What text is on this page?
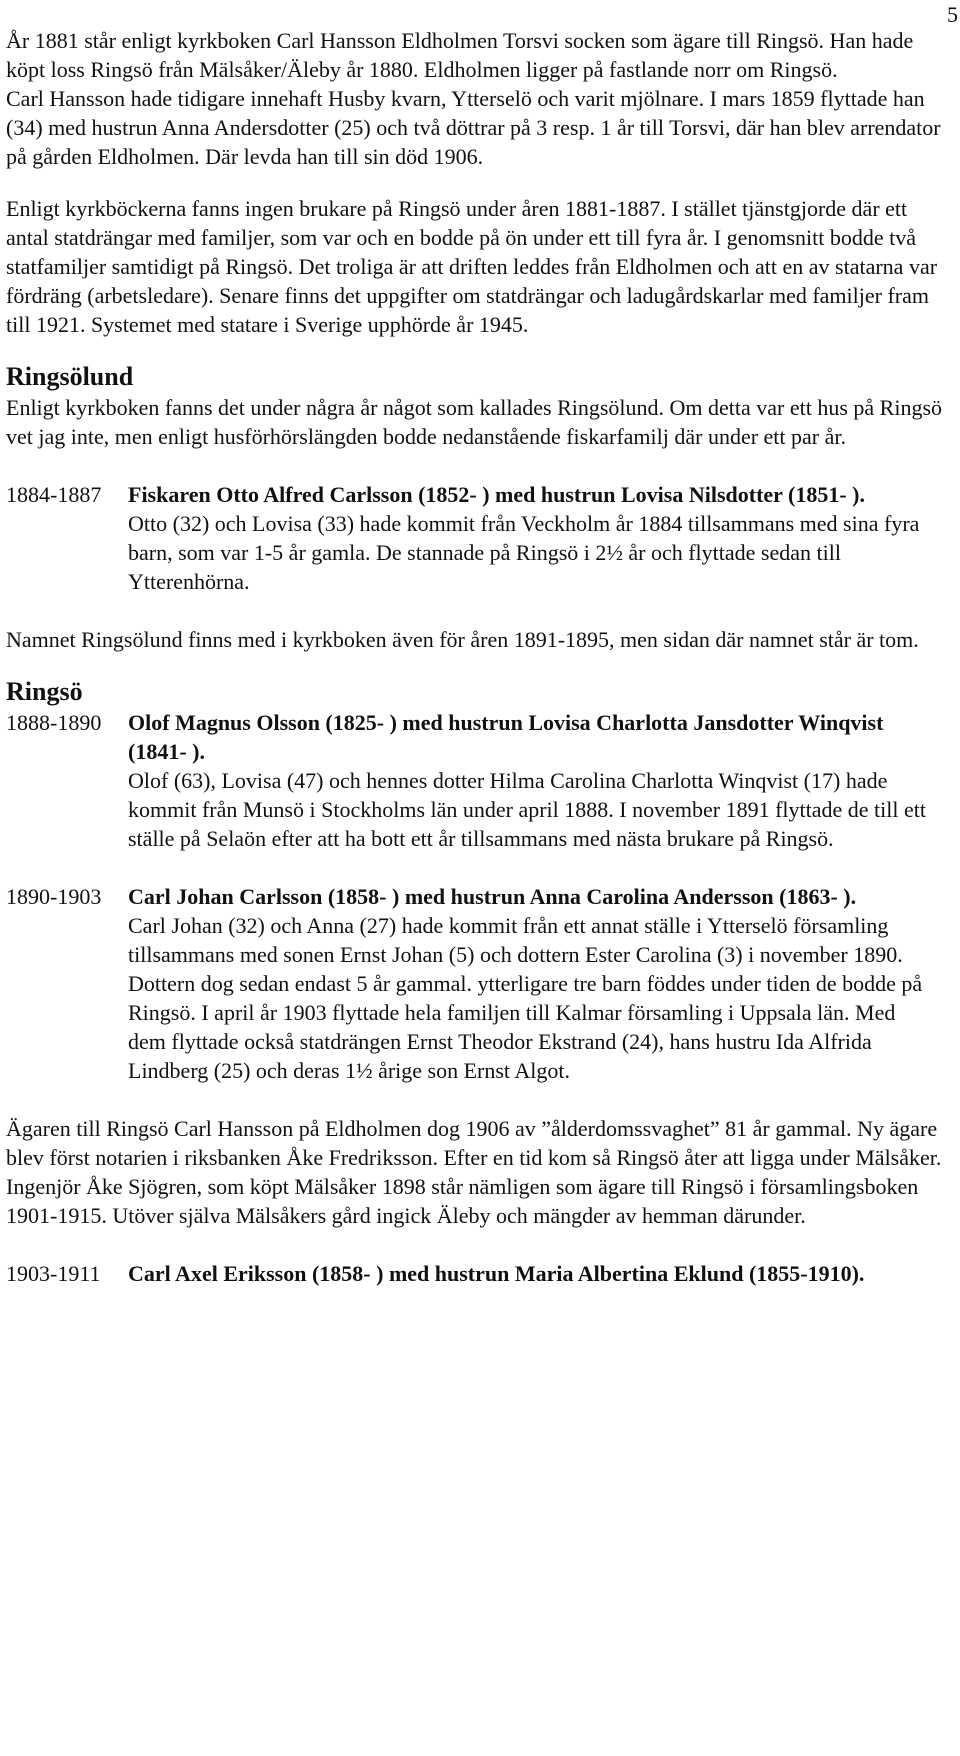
5

År 1881 står enligt kyrkboken Carl Hansson Eldholmen Torsvi socken som ägare till Ringsö. Han hade köpt loss Ringsö från Mälsåker/Äleby år 1880. Eldholmen ligger på fastlande norr om Ringsö.

Carl Hansson hade tidigare innehaft Husby kvarn, Ytterselö och varit mjölnare. I mars 1859 flyttade han (34) med hustrun Anna Andersdotter (25) och två döttrar på 3 resp. 1 år till Torsvi, där han blev arrendator på gården Eldholmen. Där levda han till sin död 1906.

Enligt kyrkböckerna fanns ingen brukare på Ringsö under åren 1881-1887. I stället tjänstgjorde där ett antal statdrängar med familjer, som var och en bodde på ön under ett till fyra år. I genomsnitt bodde två statfamiljer samtidigt på Ringsö. Det troliga är att driften leddes från Eldholmen och att en av statarna var fördräng (arbetsledare). Senare finns det uppgifter om statdrängar och ladugårdskarlar med familjer fram till 1921. Systemet med statare i Sverige upphörde år 1945.

Ringsölund

Enligt kyrkboken fanns det under några år något som kallades Ringsölund. Om detta var ett hus på Ringsö vet jag inte, men enligt husförhörslängden bodde nedanstående fiskarfamilj där under ett par år.

1884-1887	Fiskaren Otto Alfred Carlsson (1852- ) med hustrun Lovisa Nilsdotter (1851- ).
Otto (32) och Lovisa (33) hade kommit från Veckholm år 1884 tillsammans med sina fyra barn, som var 1-5 år gamla. De stannade på Ringsö i 2½ år och flyttade sedan till Ytterenhörna.

Namnet Ringsölund finns med i kyrkboken även för åren 1891-1895, men sidan där namnet står är tom.

Ringsö
1888-1890	Olof Magnus Olsson (1825- ) med hustrun Lovisa Charlotta Jansdotter Winqvist (1841- ).
Olof (63), Lovisa (47) och hennes dotter Hilma Carolina Charlotta Winqvist (17) hade kommit från Munsö i Stockholms län under april 1888. I november 1891 flyttade de till ett ställe på Selaön efter att ha bott ett år tillsammans med nästa brukare på Ringsö.
1890-1903	Carl Johan Carlsson (1858- ) med hustrun Anna Carolina Andersson (1863- ).
Carl Johan (32) och Anna (27) hade kommit från ett annat ställe i Ytterselö församling tillsammans med sonen Ernst Johan (5) och dottern Ester Carolina (3) i november 1890. Dottern dog sedan endast 5 år gammal. ytterligare tre barn föddes under tiden de bodde på Ringsö. I april år 1903 flyttade hela familjen till Kalmar församling i Uppsala län. Med dem flyttade också statdrängen Ernst Theodor Ekstrand (24), hans hustru Ida Alfrida Lindberg (25) och deras 1½ årige son Ernst Algot.

Ägaren till Ringsö Carl Hansson på Eldholmen dog 1906 av ”ålderdomssvaghet” 81 år gammal. Ny ägare blev först notarien i riksbanken Åke Fredriksson. Efter en tid kom så Ringsö åter att ligga under Mälsåker. Ingenjör Åke Sjögren, som köpt Mälsåker 1898 står nämligen som ägare till Ringsö i församlingsboken 1901-1915. Utöver själva Mälsåkers gård ingick Äleby och mängder av hemman därunder.

1903-1911	Carl Axel Eriksson (1858- ) med hustrun Maria Albertina Eklund (1855-1910).
